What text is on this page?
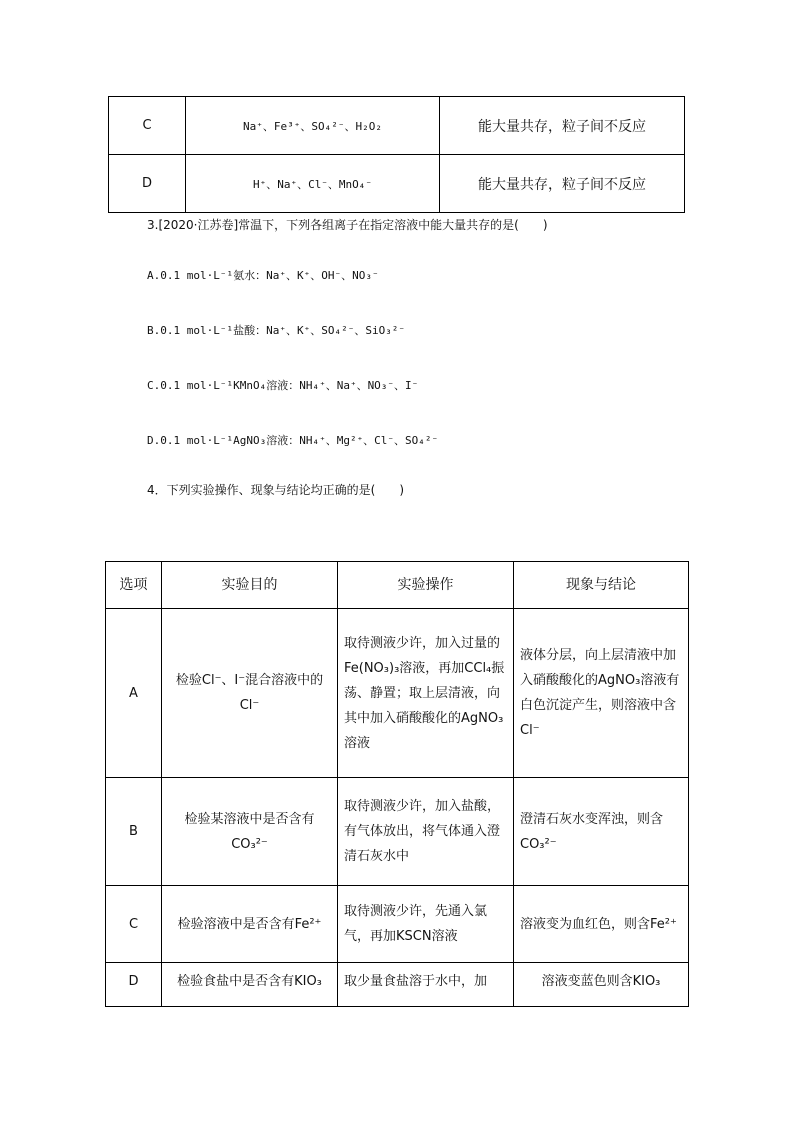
C	Na⁺、Fe³⁺、SO₄²⁻、H₂O₂	能大量共存，粒子间不反应
D	H⁺、Na⁺、Cl⁻、MnO₄⁻	能大量共存，粒子间不反应
3.[2020·江苏卷]常温下，下列各组离子在指定溶液中能大量共存的是(　　)
A.0.1 mol·L⁻¹氨水：Na⁺、K⁺、OH⁻、NO₃⁻
B.0.1 mol·L⁻¹盐酸：Na⁺、K⁺、SO₄²⁻、SiO₃²⁻
C.0.1 mol·L⁻¹KMnO₄溶液：NH₄⁺、Na⁺、NO₃⁻、I⁻
D.0.1 mol·L⁻¹AgNO₃溶液：NH₄⁺、Mg²⁺、Cl⁻、SO₄²⁻
4．下列实验操作、现象与结论均正确的是(　　)
选项	实验目的	实验操作	现象与结论
A	检验Cl⁻、I⁻混合溶液中的Cl⁻	取待测液少许，加入过量的Fe(NO₃)₃溶液，再加CCl₄振荡、静置；取上层清液，向其中加入硝酸酸化的AgNO₃溶液	液体分层，向上层清液中加入硝酸酸化的AgNO₃溶液有白色沉淀产生，则溶液中含Cl⁻
B	检验某溶液中是否含有CO₃²⁻	取待测液少许，加入盐酸，有气体放出，将气体通入澄清石灰水中	澄清石灰水变浑浊，则含CO₃²⁻
C	检验溶液中是否含有Fe²⁺	取待测液少许，先通入氯气，再加KSCN溶液	溶液变为血红色，则含Fe²⁺
D	检验食盐中是否含有KIO₃	取少量食盐溶于水中，加	溶液变蓝色则含KIO₃
